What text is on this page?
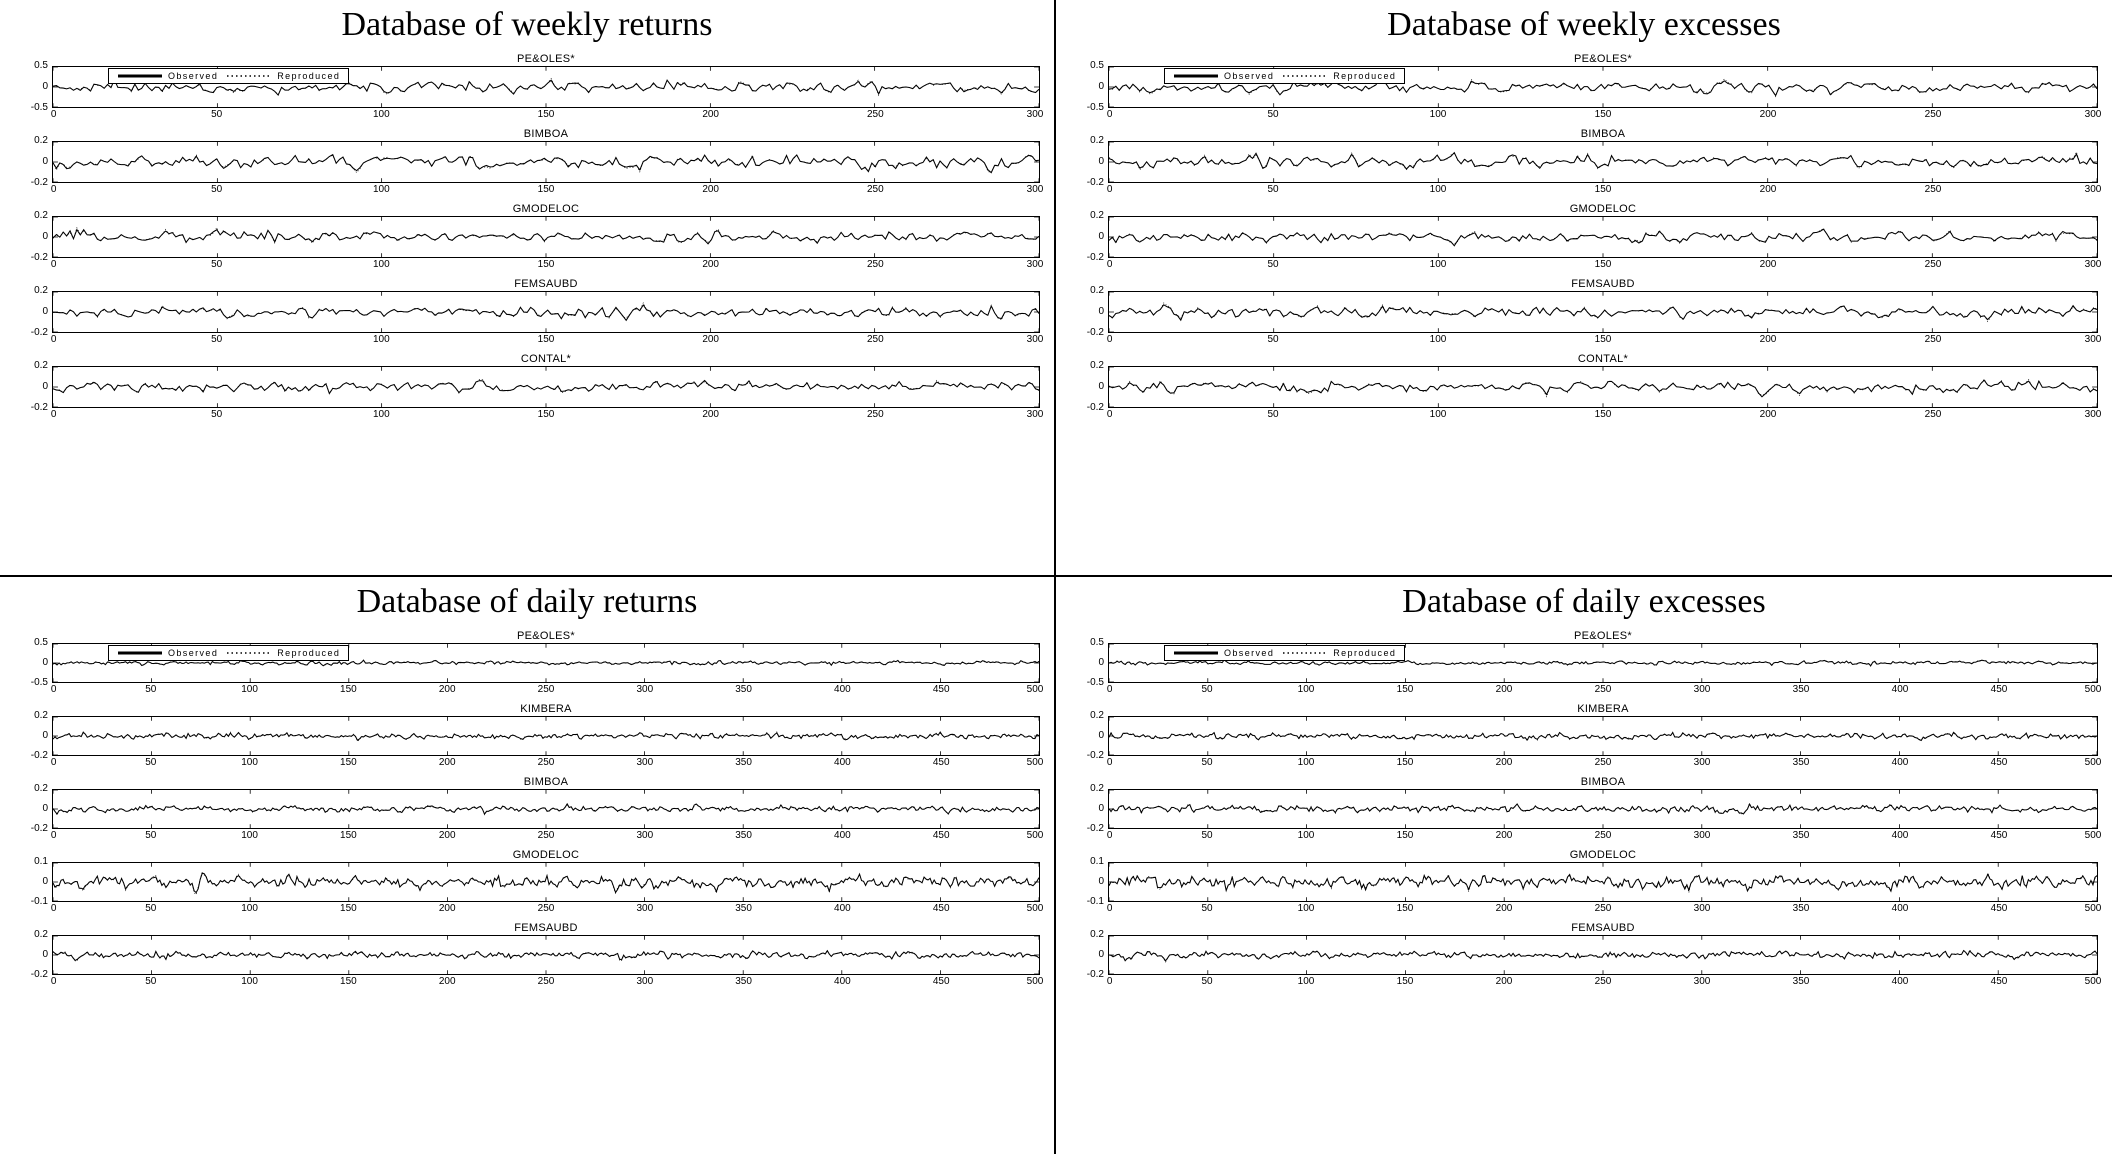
Database of weekly returns
PE&OLES*
-0.5
0
0.5
Observed	Reproduced
0	50	100	150	200	250	300
BIMBOA
-0.2
0
0.2
0	50	100	150	200	250	300
GMODELOC
-0.2
0
0.2
0	50	100	150	200	250	300
FEMSAUBD
-0.2
0
0.2
0	50	100	150	200	250	300
CONTAL*
-0.2
0
0.2
0	50	100	150	200	250	300
Database of weekly excesses
PE&OLES*
-0.5
0
0.5
Observed	Reproduced
0	50	100	150	200	250	300
BIMBOA
-0.2
0
0.2
0	50	100	150	200	250	300
GMODELOC
-0.2
0
0.2
0	50	100	150	200	250	300
FEMSAUBD
-0.2
0
0.2
0	50	100	150	200	250	300
CONTAL*
-0.2
0
0.2
0	50	100	150	200	250	300
Database of daily returns
PE&OLES*
-0.5
0
0.5
Observed	Reproduced
0	50	100	150	200	250	300	350	400	450	500
KIMBERA
-0.2
0
0.2
0	50	100	150	200	250	300	350	400	450	500
BIMBOA
-0.2
0
0.2
0	50	100	150	200	250	300	350	400	450	500
GMODELOC
-0.1
0
0.1
0	50	100	150	200	250	300	350	400	450	500
FEMSAUBD
-0.2
0
0.2
0	50	100	150	200	250	300	350	400	450	500
Database of daily excesses
PE&OLES*
-0.5
0
0.5
Observed	Reproduced
0	50	100	150	200	250	300	350	400	450	500
KIMBERA
-0.2
0
0.2
0	50	100	150	200	250	300	350	400	450	500
BIMBOA
-0.2
0
0.2
0	50	100	150	200	250	300	350	400	450	500
GMODELOC
-0.1
0
0.1
0	50	100	150	200	250	300	350	400	450	500
FEMSAUBD
-0.2
0
0.2
0	50	100	150	200	250	300	350	400	450	500
